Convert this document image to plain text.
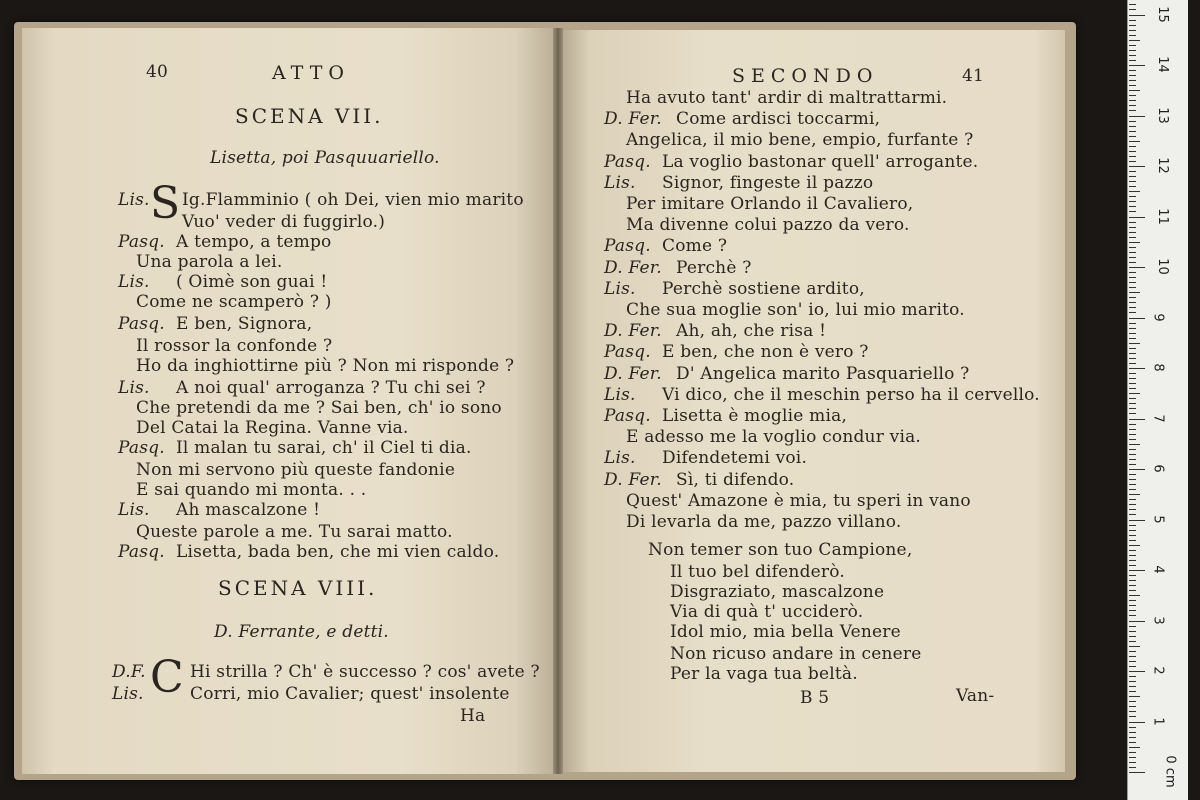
40	ATTO
SCENA VII.
Lisetta, poi Pasquuariello.
Lis. S Ig.Flamminio ( oh Dei, vien mio marito
Vuo' veder di fuggirlo.)
Pasq. A tempo, a tempo
Una parola a lei.
Lis. ( Oimè son guai !
Come ne scamperò ? )
Pasq. E ben, Signora,
Il rossor la confonde ?
Ho da inghiottirne più ? Non mi risponde ?
Lis. A noi qual' arroganza ? Tu chi sei ?
Che pretendi da me ? Sai ben, ch' io sono
Del Catai la Regina. Vanne via.
Pasq. Il malan tu sarai, ch' il Ciel ti dia.
Non mi servono più queste fandonie
E sai quando mi monta. . .
Lis. Ah mascalzone !
Queste parole a me. Tu sarai matto.
Pasq. Lisetta, bada ben, che mi vien caldo.
SCENA VIII.
D. Ferrante, e detti.
D.F. C Hi strilla ? Ch' è successo ? cos' avete ?
Lis.	Corri, mio Cavalier; quest' insolente
Ha
SECONDO	41
Ha avuto tant' ardir di maltrattarmi.
D. Fer. Come ardisci toccarmi,
Angelica, il mio bene, empio, furfante ?
Pasq. La voglio bastonar quell' arrogante.
Lis. Signor, fingeste il pazzo
Per imitare Orlando il Cavaliero,
Ma divenne colui pazzo da vero.
Pasq. Come ?
D. Fer. Perchè ?
Lis. Perchè sostiene ardito,
Che sua moglie son' io, lui mio marito.
D. Fer. Ah, ah, che risa !
Pasq. E ben, che non è vero ?
D. Fer. D' Angelica marito Pasquariello ?
Lis. Vi dico, che il meschin perso ha il cervello.
Pasq. Lisetta è moglie mia,
E adesso me la voglio condur via.
Lis. Difendetemi voi.
D. Fer. Sì, ti difendo.
Quest' Amazone è mia, tu speri in vano
Di levarla da me, pazzo villano.
Non temer son tuo Campione,
Il tuo bel difenderò.
Disgraziato, mascalzone
Via di quà t' ucciderò.
Idol mio, mia bella Venere
Non ricuso andare in cenere
Per la vaga tua beltà.
B 5	Van-
0 cm
1
2
3
4
5
6
7
8
9
10
11
12
13
14
15
